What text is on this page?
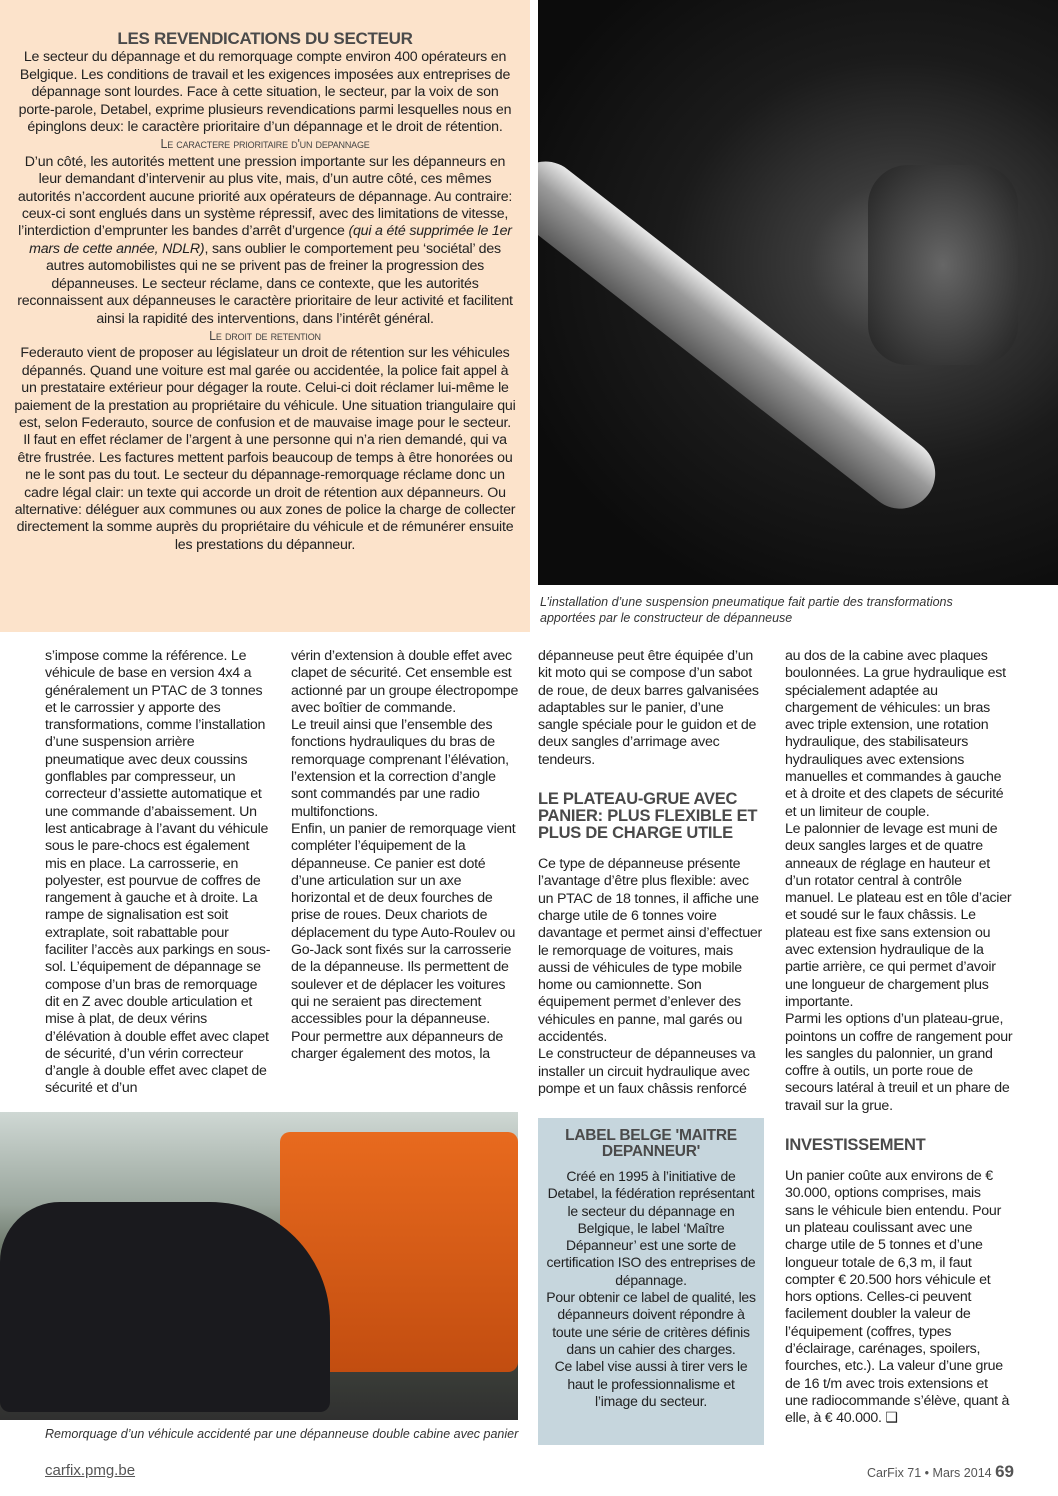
LES REVENDICATIONS DU SECTEUR

Le secteur du dépannage et du remorquage compte environ 400 opérateurs en Belgique. Les conditions de travail et les exigences imposées aux entreprises de dépannage sont lourdes. Face à cette situation, le secteur, par la voix de son porte-parole, Detabel, exprime plusieurs revendications parmi lesquelles nous en épinglons deux: le caractère prioritaire d’un dépannage et le droit de rétention.

Le caractere prioritaire d'un depannage

D’un côté, les autorités mettent une pression importante sur les dépanneurs en leur demandant d’intervenir au plus vite, mais, d’un autre côté, ces mêmes autorités n’accordent aucune priorité aux opérateurs de dépannage. Au contraire: ceux-ci sont englués dans un système répressif, avec des limitations de vitesse, l’interdiction d’emprunter les bandes d’arrêt d’urgence (qui a été supprimée le 1er mars de cette année, NDLR), sans oublier le comportement peu ‘sociétal’ des autres automobilistes qui ne se privent pas de freiner la progression des dépanneuses. Le secteur réclame, dans ce contexte, que les autorités reconnaissent aux dépanneuses le caractère prioritaire de leur activité et facilitent ainsi la rapidité des interventions, dans l’intérêt général.

Le droit de retention

Federauto vient de proposer au législateur un droit de rétention sur les véhicules dépannés. Quand une voiture est mal garée ou accidentée, la police fait appel à un prestataire extérieur pour dégager la route. Celui-ci doit réclamer lui-même le paiement de la prestation au propriétaire du véhicule. Une situation triangulaire qui est, selon Federauto, source de confusion et de mauvaise image pour le secteur. Il faut en effet réclamer de l’argent à une personne qui n’a rien demandé, qui va être frustrée. Les factures mettent parfois beaucoup de temps à être honorées ou ne le sont pas du tout. Le secteur du dépannage-remorquage réclame donc un cadre légal clair: un texte qui accorde un droit de rétention aux dépanneurs. Ou alternative: déléguer aux communes ou aux zones de police la charge de collecter directement la somme auprès du propriétaire du véhicule et de rémunérer ensuite les prestations du dépanneur.

L’installation d’une suspension pneumatique fait partie des transformations apportées par le constructeur de dépanneuse

s’impose comme la référence. Le véhicule de base en version 4x4 a généralement un PTAC de 3 tonnes et le carrossier y apporte des transformations, comme l’installation d’une suspension arrière pneumatique avec deux coussins gonflables par compresseur, un correcteur d’assiette automatique et une commande d’abaissement. Un lest anticabrage à l’avant du véhicule sous le pare-chocs est également mis en place. La carrosserie, en polyester, est pourvue de coffres de rangement à gauche et à droite. La rampe de signalisation est soit extraplate, soit rabattable pour faciliter l’accès aux parkings en sous-sol. L’équipement de dépannage se compose d’un bras de remorquage dit en Z avec double articulation et mise à plat, de deux vérins d’élévation à double effet avec clapet de sécurité, d’un vérin correcteur d’angle à double effet avec clapet de sécurité et d’un

vérin d’extension à double effet avec clapet de sécurité. Cet ensemble est actionné par un groupe électropompe avec boîtier de commande.

Le treuil ainsi que l’ensemble des fonctions hydrauliques du bras de remorquage comprenant l’élévation, l’extension et la correction d’angle sont commandés par une radio multifonctions.

Enfin, un panier de remorquage vient compléter l’équipement de la dépanneuse. Ce panier est doté d’une articulation sur un axe horizontal et de deux fourches de prise de roues. Deux chariots de déplacement du type Auto-Roulev ou Go-Jack sont fixés sur la carrosserie de la dépanneuse. Ils permettent de soulever et de déplacer les voitures qui ne seraient pas directement accessibles pour la dépanneuse.

Pour permettre aux dépanneurs de charger également des motos, la

dépanneuse peut être équipée d’un kit moto qui se compose d’un sabot de roue, de deux barres galvanisées adaptables sur le panier, d’une sangle spéciale pour le guidon et de deux sangles d’arrimage avec tendeurs.

LE PLATEAU-GRUE AVEC PANIER: PLUS FLEXIBLE ET PLUS DE CHARGE UTILE

Ce type de dépanneuse présente l’avantage d’être plus flexible: avec un PTAC de 18 tonnes, il affiche une charge utile de 6 tonnes voire davantage et permet ainsi d’effectuer le remorquage de voitures, mais aussi de véhicules de type mobile home ou camionnette. Son équipement permet d’enlever des véhicules en panne, mal garés ou accidentés.

Le constructeur de dépanneuses va installer un circuit hydraulique avec pompe et un faux châssis renforcé

LABEL BELGE 'MAITRE DEPANNEUR'

Créé en 1995 à l’initiative de Detabel, la fédération représentant le secteur du dépannage en Belgique, le label ‘Maître Dépanneur’ est une sorte de certification ISO des entreprises de dépannage.

Pour obtenir ce label de qualité, les dépanneurs doivent répondre à toute une série de critères définis dans un cahier des charges.

Ce label vise aussi à tirer vers le haut le professionnalisme et l’image du secteur.

au dos de la cabine avec plaques boulonnées. La grue hydraulique est spécialement adaptée au chargement de véhicules: un bras avec triple extension, une rotation hydraulique, des stabilisateurs hydrauliques avec extensions manuelles et commandes à gauche et à droite et des clapets de sécurité et un limiteur de couple.

Le palonnier de levage est muni de deux sangles larges et de quatre anneaux de réglage en hauteur et d’un rotator central à contrôle manuel. Le plateau est en tôle d’acier et soudé sur le faux châssis. Le plateau est fixe sans extension ou avec extension hydraulique de la partie arrière, ce qui permet d’avoir une longueur de chargement plus importante.

Parmi les options d’un plateau-grue, pointons un coffre de rangement pour les sangles du palonnier, un grand coffre à outils, un porte roue de secours latéral à treuil et un phare de travail sur la grue.

INVESTISSEMENT

Un panier coûte aux environs de € 30.000, options comprises, mais sans le véhicule bien entendu. Pour un plateau coulissant avec une charge utile de 5 tonnes et d’une longueur totale de 6,3 m, il faut compter € 20.500 hors véhicule et hors options. Celles-ci peuvent facilement doubler la valeur de l’équipement (coffres, types d’éclairage, carénages, spoilers, fourches, etc.). La valeur d’une grue de 16 t/m avec trois extensions et une radiocommande s’élève, quant à elle, à € 40.000. ❑

Remorquage d’un véhicule accidenté par une dépanneuse double cabine avec panier
carfix.pmg.be	CarFix 71 • Mars 2014 69
